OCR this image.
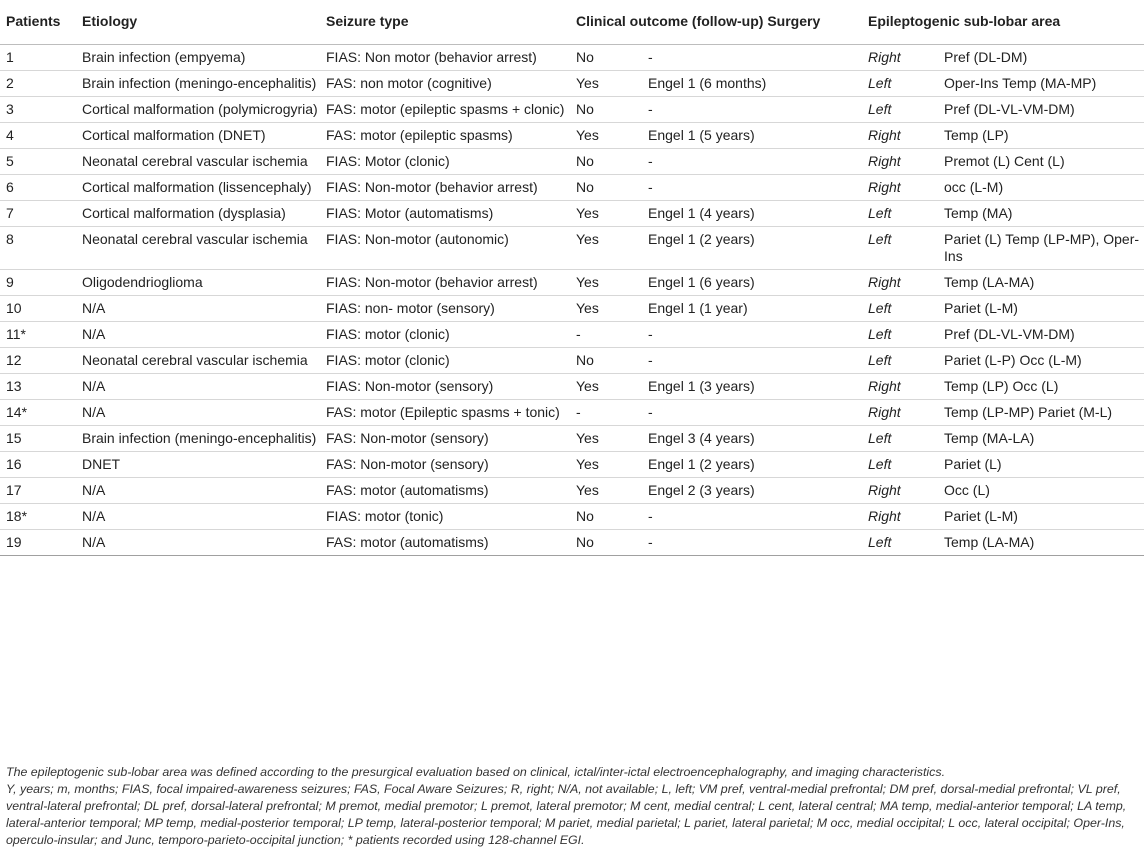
Patients	Etiology	Seizure type	Clinical outcome (follow-up) Surgery		Epileptogenic sub-lobar area	
1	Brain infection (empyema)	FIAS: Non motor (behavior arrest)	No	-	Right	Pref (DL-DM)
2	Brain infection (meningo-encephalitis)	FAS: non motor (cognitive)	Yes	Engel 1 (6 months)	Left	Oper-Ins Temp (MA-MP)
3	Cortical malformation (polymicrogyria)	FAS: motor (epileptic spasms + clonic)	No	-	Left	Pref (DL-VL-VM-DM)
4	Cortical malformation (DNET)	FAS: motor (epileptic spasms)	Yes	Engel 1 (5 years)	Right	Temp (LP)
5	Neonatal cerebral vascular ischemia	FIAS: Motor (clonic)	No	-	Right	Premot (L) Cent (L)
6	Cortical malformation (lissencephaly)	FIAS: Non-motor (behavior arrest)	No	-	Right	occ (L-M)
7	Cortical malformation (dysplasia)	FIAS: Motor (automatisms)	Yes	Engel 1 (4 years)	Left	Temp (MA)
8	Neonatal cerebral vascular ischemia	FIAS: Non-motor (autonomic)	Yes	Engel 1 (2 years)	Left	Pariet (L) Temp (LP-MP), Oper-Ins
9	Oligodendrioglioma	FIAS: Non-motor (behavior arrest)	Yes	Engel 1 (6 years)	Right	Temp (LA-MA)
10	N/A	FIAS: non- motor (sensory)	Yes	Engel 1 (1 year)	Left	Pariet (L-M)
11*	N/A	FIAS: motor (clonic)	-	-	Left	Pref (DL-VL-VM-DM)
12	Neonatal cerebral vascular ischemia	FIAS: motor (clonic)	No	-	Left	Pariet (L-P) Occ (L-M)
13	N/A	FIAS: Non-motor (sensory)	Yes	Engel 1 (3 years)	Right	Temp (LP) Occ (L)
14*	N/A	FAS: motor (Epileptic spasms + tonic)	-	-	Right	Temp (LP-MP) Pariet (M-L)
15	Brain infection (meningo-encephalitis)	FAS: Non-motor (sensory)	Yes	Engel 3 (4 years)	Left	Temp (MA-LA)
16	DNET	FAS: Non-motor (sensory)	Yes	Engel 1 (2 years)	Left	Pariet (L)
17	N/A	FAS: motor (automatisms)	Yes	Engel 2 (3 years)	Right	Occ (L)
18*	N/A	FIAS: motor (tonic)	No	-	Right	Pariet (L-M)
19	N/A	FAS: motor (automatisms)	No	-	Left	Temp (LA-MA)

The epileptogenic sub-lobar area was defined according to the presurgical evaluation based on clinical, ictal/inter-ictal electroencephalography, and imaging characteristics.

Y, years; m, months; FIAS, focal impaired-awareness seizures; FAS, Focal Aware Seizures; R, right; N/A, not available; L, left; VM pref, ventral-medial prefrontal; DM pref, dorsal-medial prefrontal; VL pref, ventral-lateral prefrontal; DL pref, dorsal-lateral prefrontal; M premot, medial premotor; L premot, lateral premotor; M cent, medial central; L cent, lateral central; MA temp, medial-anterior temporal; LA temp, lateral-anterior temporal; MP temp, medial-posterior temporal; LP temp, lateral-posterior temporal; M pariet, medial parietal; L pariet, lateral parietal; M occ, medial occipital; L occ, lateral occipital; Oper-Ins, operculo-insular; and Junc, temporo-parieto-occipital junction; * patients recorded using 128-channel EGI.
